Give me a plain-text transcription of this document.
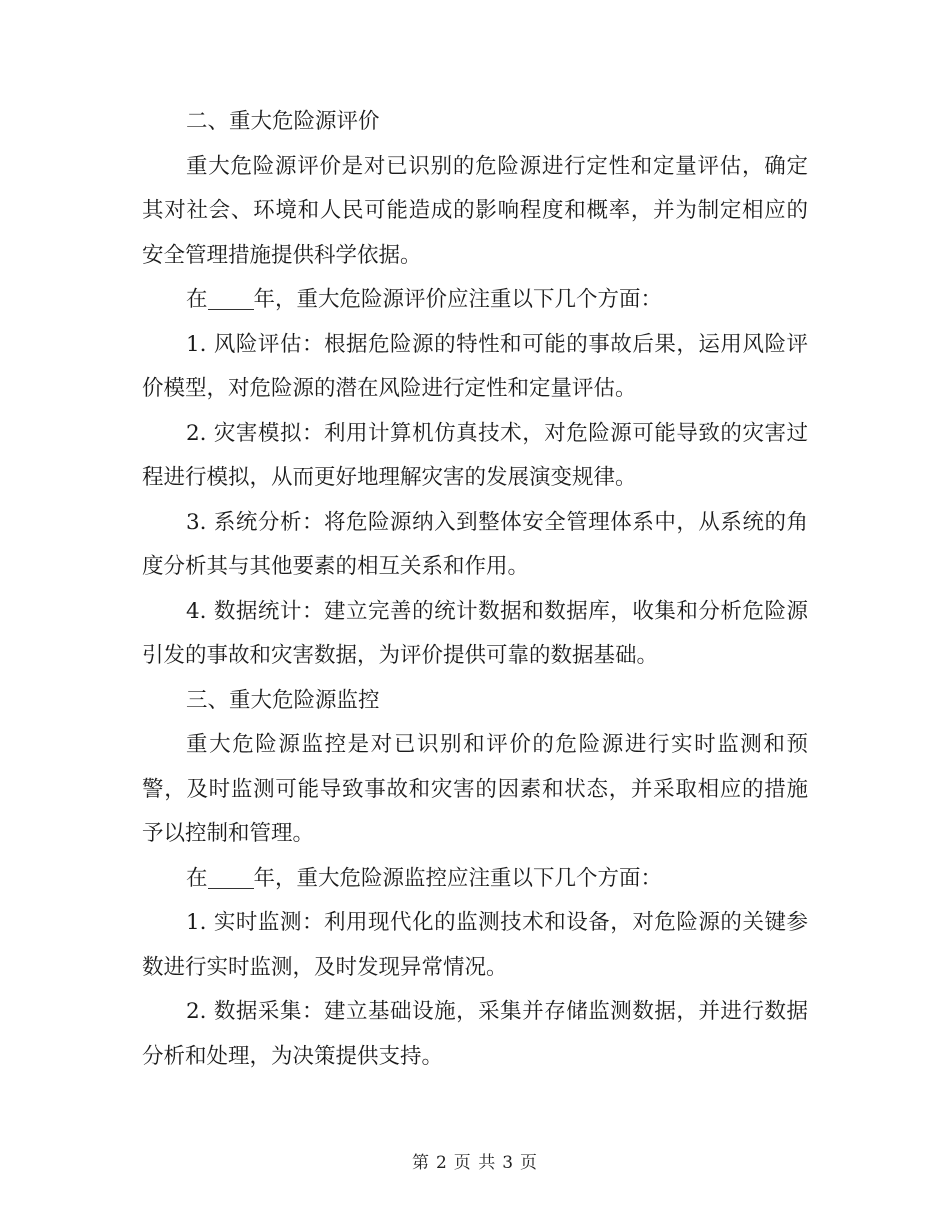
二、重大危险源评价

重大危险源评价是对已识别的危险源进行定性和定量评估，确定其对社会、环境和人民可能造成的影响程度和概率，并为制定相应的安全管理措施提供科学依据。

在 年，重大危险源评价应注重以下几个方面：

1. 风险评估：根据危险源的特性和可能的事故后果，运用风险评价模型，对危险源的潜在风险进行定性和定量评估。

2. 灾害模拟：利用计算机仿真技术，对危险源可能导致的灾害过程进行模拟，从而更好地理解灾害的发展演变规律。

3. 系统分析：将危险源纳入到整体安全管理体系中，从系统的角度分析其与其他要素的相互关系和作用。

4. 数据统计：建立完善的统计数据和数据库，收集和分析危险源引发的事故和灾害数据，为评价提供可靠的数据基础。

三、重大危险源监控

重大危险源监控是对已识别和评价的危险源进行实时监测和预警，及时监测可能导致事故和灾害的因素和状态，并采取相应的措施予以控制和管理。

在 年，重大危险源监控应注重以下几个方面：

1. 实时监测：利用现代化的监测技术和设备，对危险源的关键参数进行实时监测，及时发现异常情况。

2. 数据采集：建立基础设施，采集并存储监测数据，并进行数据分析和处理，为决策提供支持。

第 2 页 共 3 页
